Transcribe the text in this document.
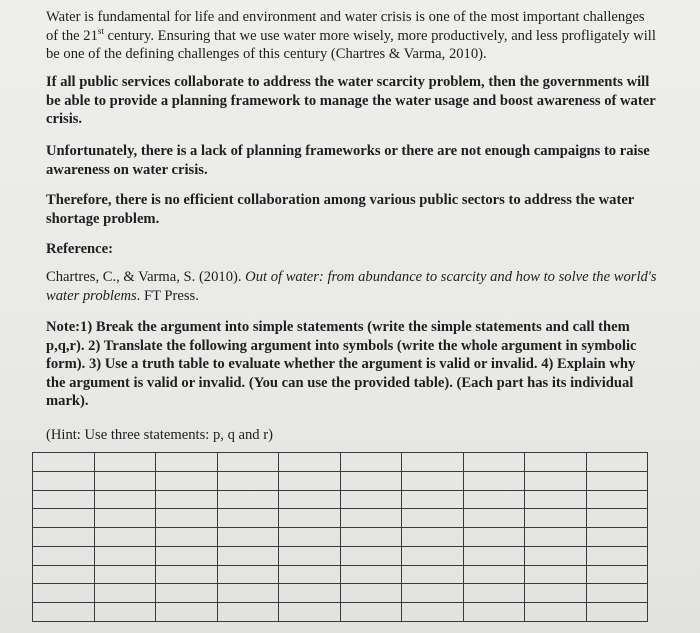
Water is fundamental for life and environment and water crisis is one of the most important challenges of the 21st century. Ensuring that we use water more wisely, more productively, and less profligately will be one of the defining challenges of this century (Chartres & Varma, 2010).

If all public services collaborate to address the water scarcity problem, then the governments will be able to provide a planning framework to manage the water usage and boost awareness of water crisis.

Unfortunately, there is a lack of planning frameworks or there are not enough campaigns to raise awareness on water crisis.

Therefore, there is no efficient collaboration among various public sectors to address the water shortage problem.

Reference:

Chartres, C., & Varma, S. (2010). Out of water: from abundance to scarcity and how to solve the world's water problems. FT Press.

Note:1) Break the argument into simple statements (write the simple statements and call them p,q,r). 2) Translate the following argument into symbols (write the whole argument in symbolic form). 3) Use a truth table to evaluate whether the argument is valid or invalid. 4) Explain why the argument is valid or invalid. (You can use the provided table). (Each part has its individual mark).

(Hint: Use three statements: p, q and r)
